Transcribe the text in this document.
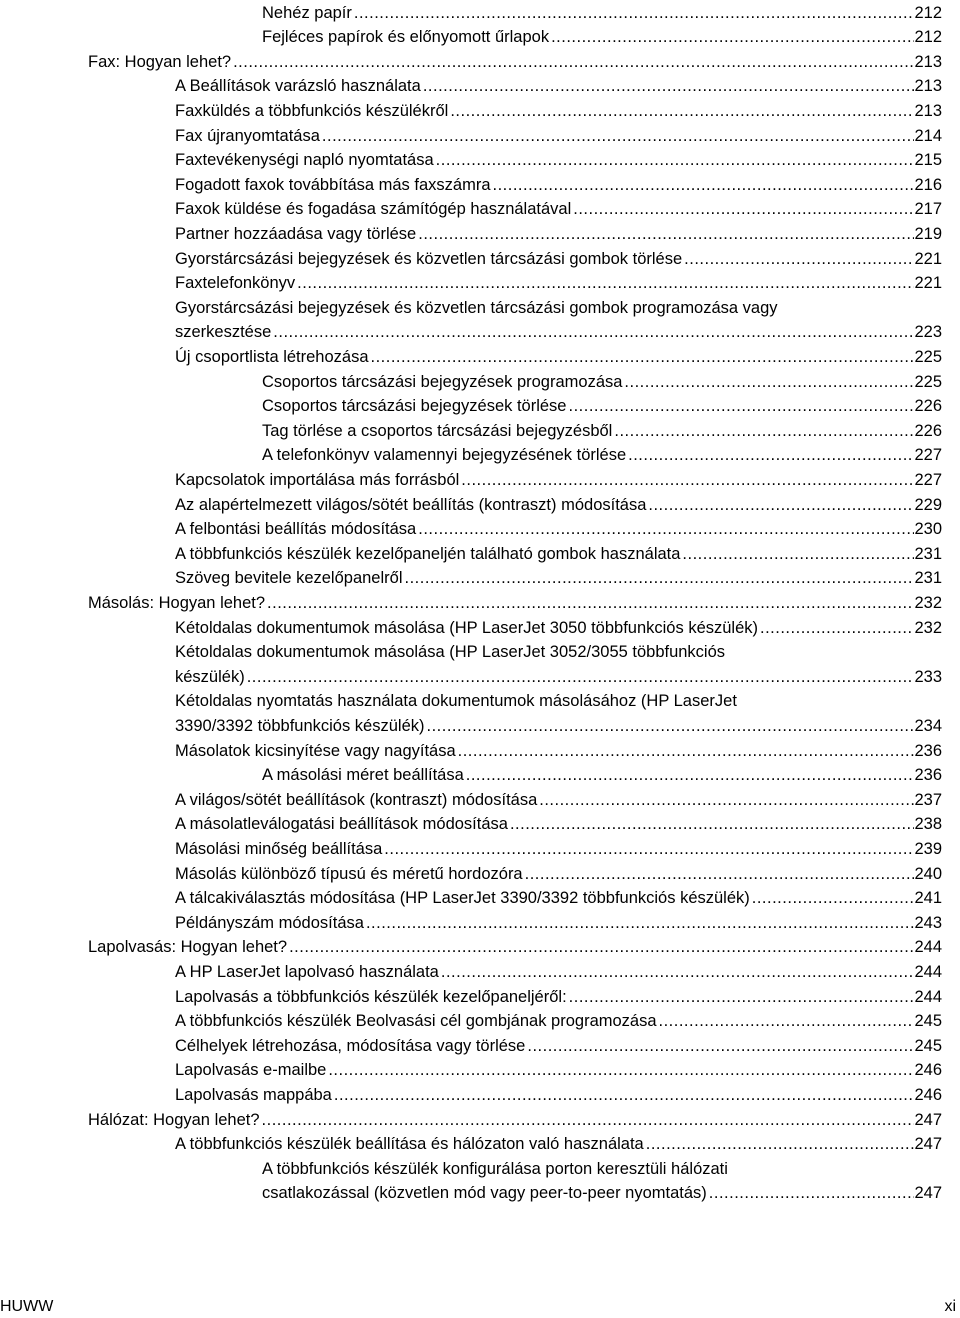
Nehéz papír .....	212
Fejléces papírok és előnyomott űrlapok .....	212
Fax: Hogyan lehet? .....	213
A Beállítások varázsló használata .....	213
Faxküldés a többfunkciós készülékről .....	213
Fax újranyomtatása .....	214
Faxtevékenységi napló nyomtatása .....	215
Fogadott faxok továbbítása más faxszámra .....	216
Faxok küldése és fogadása számítógép használatával .....	217
Partner hozzáadása vagy törlése .....	219
Gyorstárcsázási bejegyzések és közvetlen tárcsázási gombok törlése .....	221
Faxtelefonkönyv .....	221
Gyorstárcsázási bejegyzések és közvetlen tárcsázási gombok programozása vagy
szerkesztése .....	223
Új csoportlista létrehozása .....	225
Csoportos tárcsázási bejegyzések programozása .....	225
Csoportos tárcsázási bejegyzések törlése .....	226
Tag törlése a csoportos tárcsázási bejegyzésből .....	226
A telefonkönyv valamennyi bejegyzésének törlése .....	227
Kapcsolatok importálása más forrásból .....	227
Az alapértelmezett világos/sötét beállítás (kontraszt) módosítása .....	229
A felbontási beállítás módosítása .....	230
A többfunkciós készülék kezelőpaneljén található gombok használata .....	231
Szöveg bevitele kezelőpanelről .....	231
Másolás: Hogyan lehet? .....	232
Kétoldalas dokumentumok másolása (HP LaserJet 3050 többfunkciós készülék) .....	232
Kétoldalas dokumentumok másolása (HP LaserJet 3052/3055 többfunkciós
készülék) .....	233
Kétoldalas nyomtatás használata dokumentumok másolásához (HP LaserJet
3390/3392 többfunkciós készülék) .....	234
Másolatok kicsinyítése vagy nagyítása .....	236
A másolási méret beállítása .....	236
A világos/sötét beállítások (kontraszt) módosítása .....	237
A másolatleválogatási beállítások módosítása .....	238
Másolási minőség beállítása .....	239
Másolás különböző típusú és méretű hordozóra .....	240
A tálcakiválasztás módosítása (HP LaserJet 3390/3392 többfunkciós készülék) .....	241
Példányszám módosítása .....	243
Lapolvasás: Hogyan lehet? .....	244
A HP LaserJet lapolvasó használata .....	244
Lapolvasás a többfunkciós készülék kezelőpaneljéről: .....	244
A többfunkciós készülék Beolvasási cél gombjának programozása .....	245
Célhelyek létrehozása, módosítása vagy törlése .....	245
Lapolvasás e-mailbe .....	246
Lapolvasás mappába .....	246
Hálózat: Hogyan lehet? .....	247
A többfunkciós készülék beállítása és hálózaton való használata .....	247
A többfunkciós készülék konfigurálása porton keresztüli hálózati
csatlakozással (közvetlen mód vagy peer-to-peer nyomtatás) .....	247
HUWW	xi
